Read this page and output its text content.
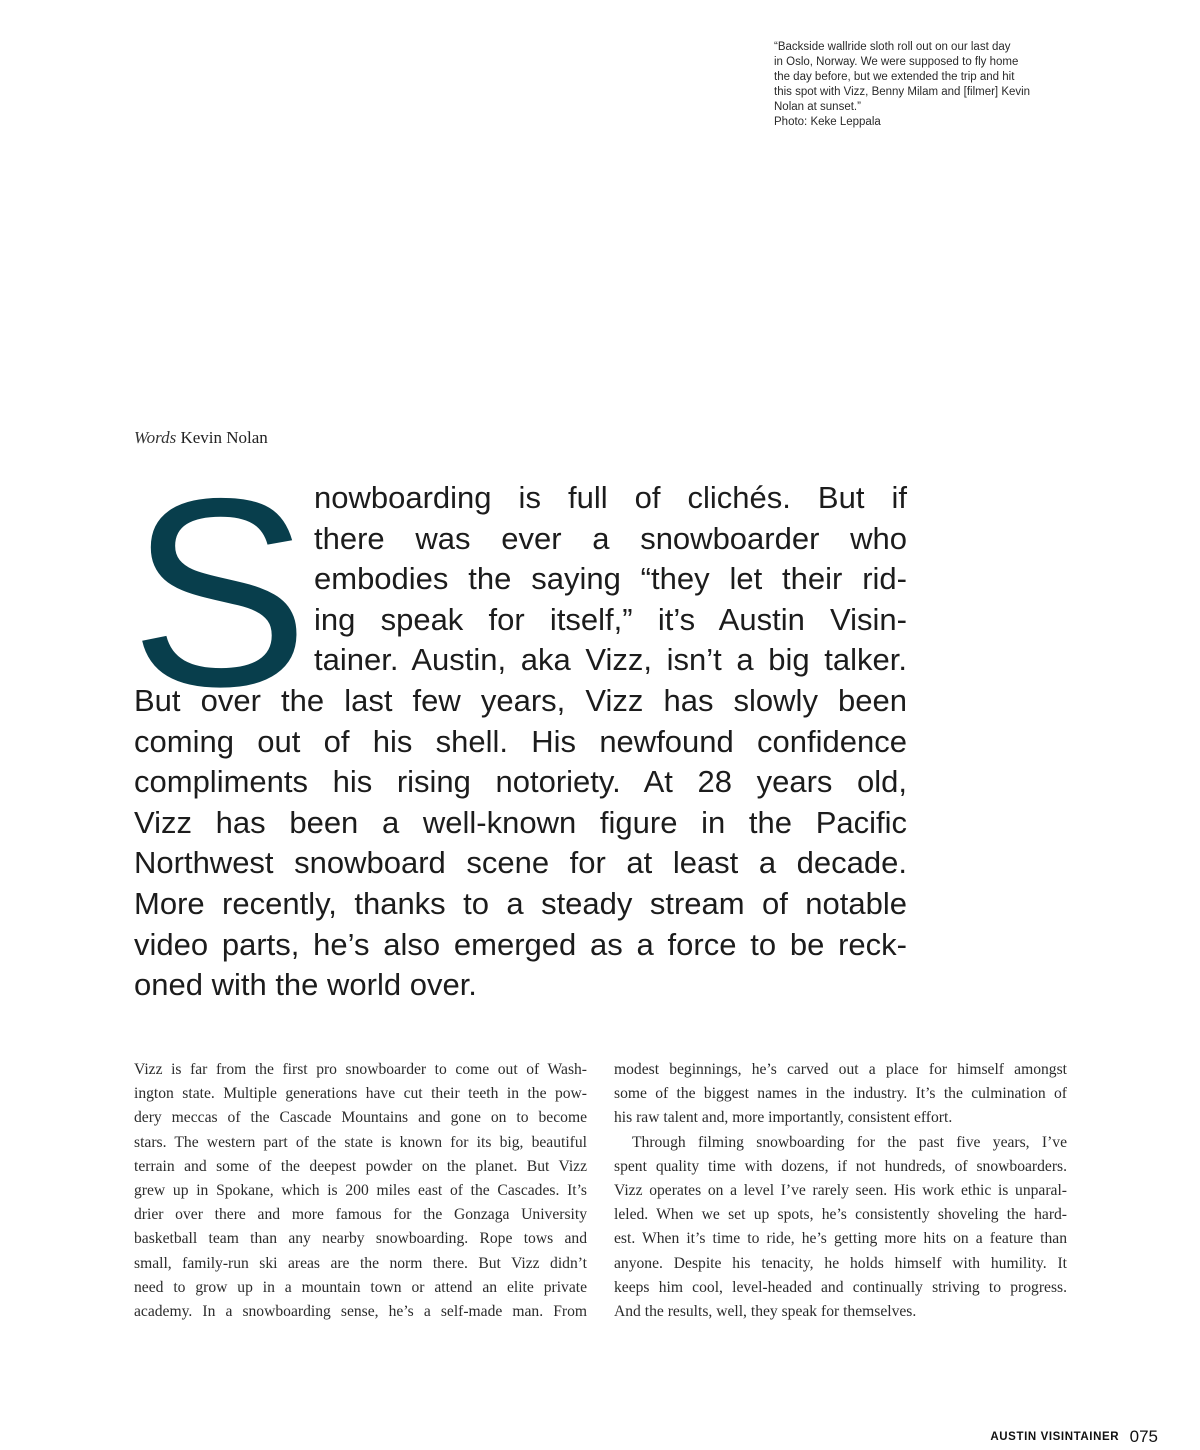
“Backside wallride sloth roll out on our last day

in Oslo, Norway. We were supposed to fly home

the day before, but we extended the trip and hit

this spot with Vizz, Benny Milam and [filmer] Kevin

Nolan at sunset.”

Photo: Keke Leppala

Words Kevin Nolan
S nowboarding is full of clichés. But if
there was ever a snowboarder who
embodies the saying “they let their rid-
ing speak for itself,” it’s Austin Visin-
tainer. Austin, aka Vizz, isn’t a big talker.
But over the last few years, Vizz has slowly been
coming out of his shell. His newfound confidence
compliments his rising notoriety. At 28 years old,
Vizz has been a well-known figure in the Pacific
Northwest snowboard scene for at least a decade.
More recently, thanks to a steady stream of notable
video parts, he’s also emerged as a force to be reck-
oned with the world over.
Vizz is far from the first pro snowboarder to come out of Wash-
ington state. Multiple generations have cut their teeth in the pow-
dery meccas of the Cascade Mountains and gone on to become
stars. The western part of the state is known for its big, beautiful
terrain and some of the deepest powder on the planet. But Vizz
grew up in Spokane, which is 200 miles east of the Cascades. It’s
drier over there and more famous for the Gonzaga University
basketball team than any nearby snowboarding. Rope tows and
small, family-run ski areas are the norm there. But Vizz didn’t
need to grow up in a mountain town or attend an elite private
academy. In a snowboarding sense, he’s a self-made man. From
modest beginnings, he’s carved out a place for himself amongst
some of the biggest names in the industry. It’s the culmination of
his raw talent and, more importantly, consistent effort.
Through filming snowboarding for the past five years, I’ve
spent quality time with dozens, if not hundreds, of snowboarders.
Vizz operates on a level I’ve rarely seen. His work ethic is unparal-
leled. When we set up spots, he’s consistently shoveling the hard-
est. When it’s time to ride, he’s getting more hits on a feature than
anyone. Despite his tenacity, he holds himself with humility. It
keeps him cool, level-headed and continually striving to progress.
And the results, well, they speak for themselves.
AUSTIN VISINTAINER 075
